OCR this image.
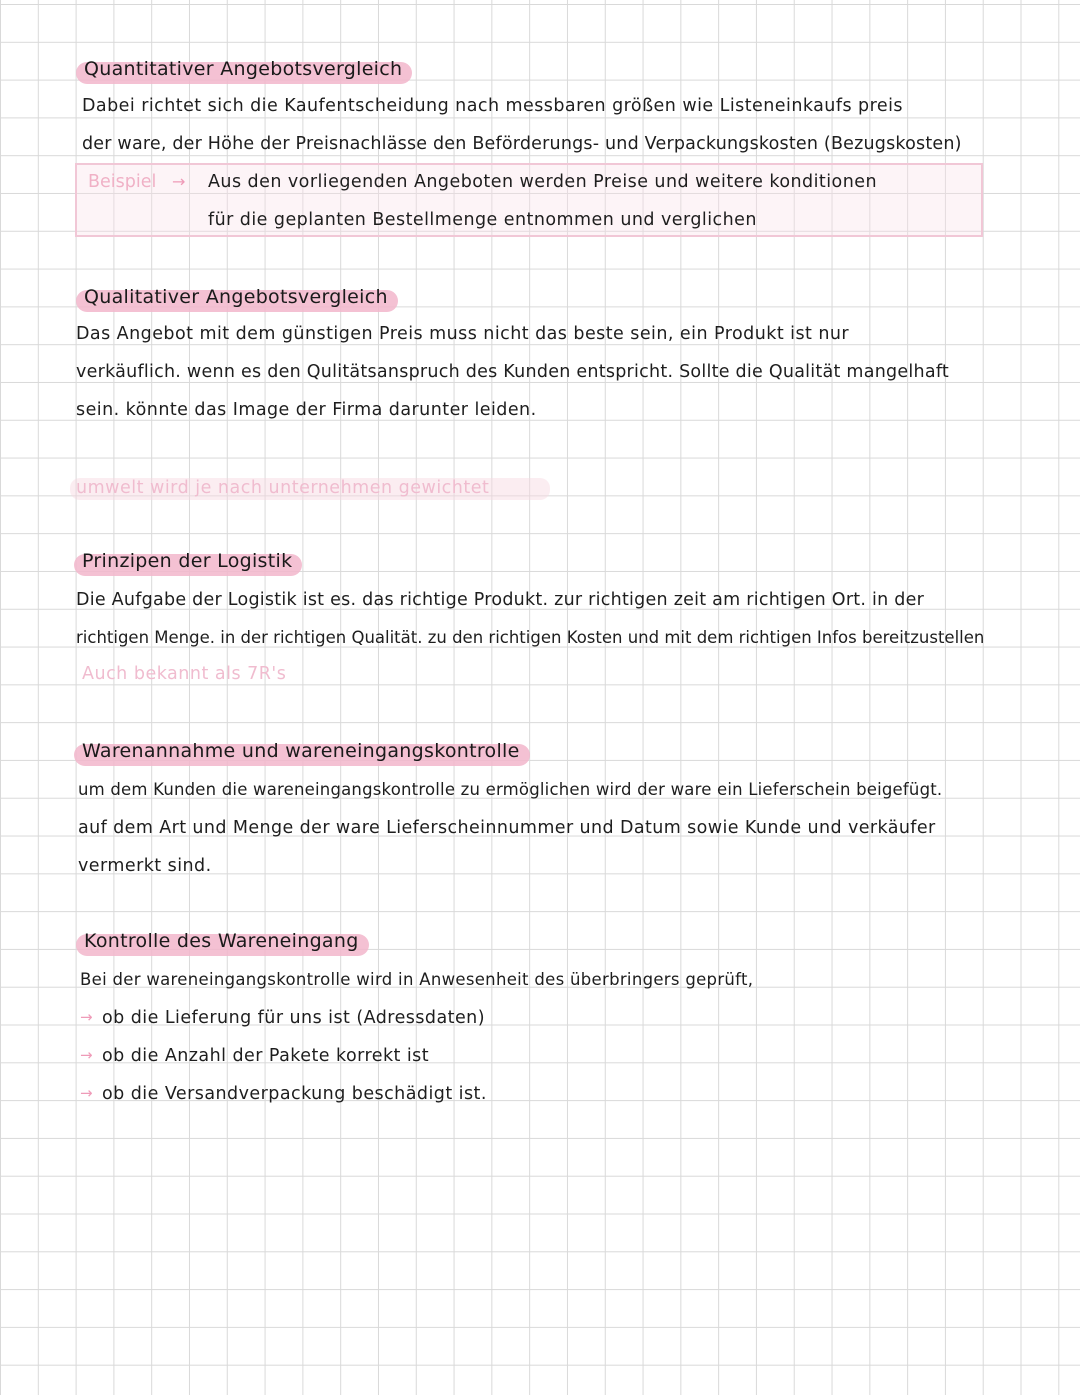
Quantitativer Angebotsvergleich
Dabei richtet sich die Kaufentscheidung nach messbaren größen wie Listeneinkaufs preis
der ware, der Höhe der Preisnachlässe den Beförderungs- und Verpackungskosten (Bezugskosten)
Beispiel → Aus den vorliegenden Angeboten werden Preise und weitere konditionen
für die geplanten Bestellmenge entnommen und verglichen
Qualitativer Angebotsvergleich
Das Angebot mit dem günstigen Preis muss nicht das beste sein, ein Produkt ist nur
verkäuflich. wenn es den Qulitätsanspruch des Kunden entspricht. Sollte die Qualität mangelhaft
sein. könnte das Image der Firma darunter leiden.
umwelt wird je nach unternehmen gewichtet
Prinzipen der Logistik
Die Aufgabe der Logistik ist es. das richtige Produkt. zur richtigen zeit am richtigen Ort. in der
richtigen Menge. in der richtigen Qualität. zu den richtigen Kosten und mit dem richtigen Infos bereitzustellen
Auch bekannt als 7R's
Warenannahme und wareneingangskontrolle
um dem Kunden die wareneingangskontrolle zu ermöglichen wird der ware ein Lieferschein beigefügt.
auf dem Art und Menge der ware Lieferscheinnummer und Datum sowie Kunde und verkäufer
vermerkt sind.
Kontrolle des Wareneingang
Bei der wareneingangskontrolle wird in Anwesenheit des überbringers geprüft,
→ ob die Lieferung für uns ist (Adressdaten)
→ ob die Anzahl der Pakete korrekt ist
→ ob die Versandverpackung beschädigt ist.
